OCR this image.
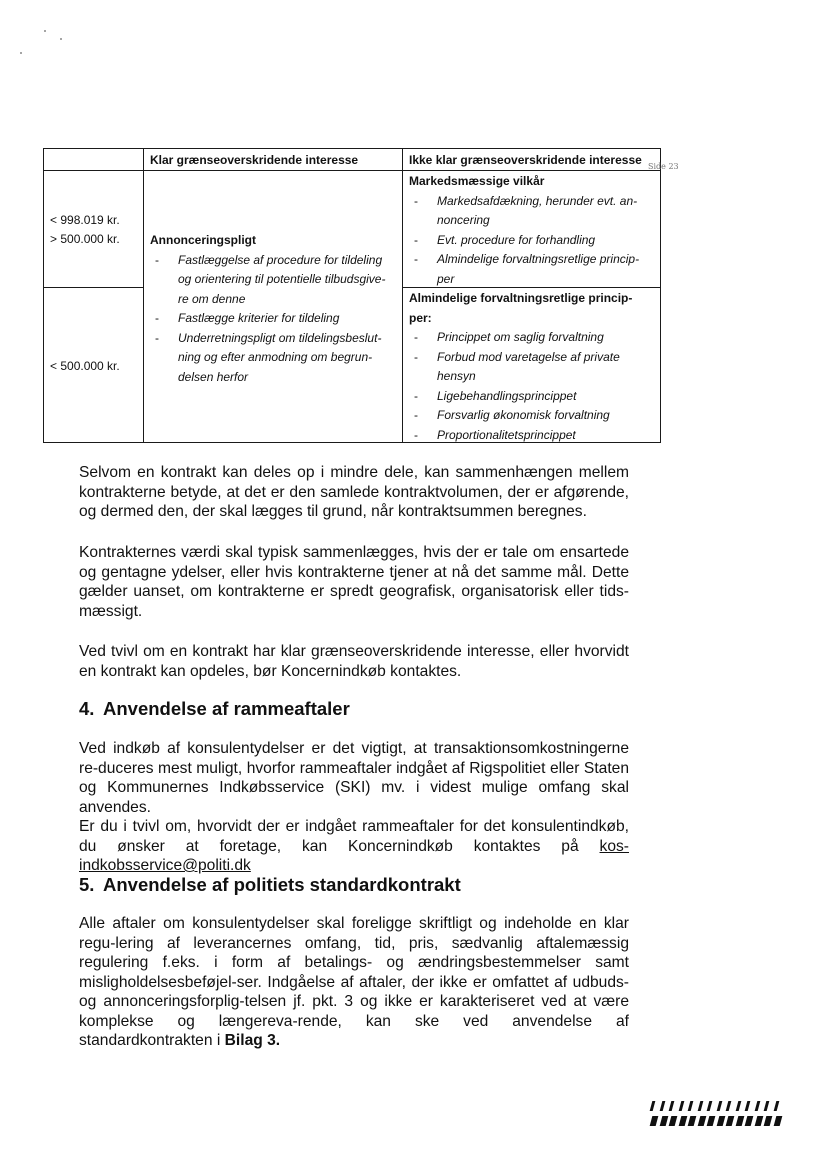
Klar grænseoverskridende interesse	Ikke klar grænseoverskridende interesse
< 998.019 kr.
> 500.000 kr.
< 500.000 kr.
Annonceringspligt
- Fastlæggelse af procedure for tildeling og orientering til potentielle tilbudsgive-re om denne
- Fastlægge kriterier for tildeling
- Underretningspligt om tildelingsbeslut-ning og efter anmodning om begrun-delsen herfor
Markedsmæssige vilkår
- Markedsafdækning, herunder evt. an-noncering
- Evt. procedure for forhandling
- Almindelige forvaltningsretlige princip-per
Almindelige forvaltningsretlige princip-per:
- Princippet om saglig forvaltning
- Forbud mod varetagelse af private hensyn
- Ligebehandlingsprincippet
- Forsvarlig økonomisk forvaltning
- Proportionalitetsprincippet
Side 23

Selvom en kontrakt kan deles op i mindre dele, kan sammenhængen mellem kontrakterne betyde, at det er den samlede kontraktvolumen, der er afgørende, og dermed den, der skal lægges til grund, når kontraktsummen beregnes.

Kontrakternes værdi skal typisk sammenlægges, hvis der er tale om ensartede og gentagne ydelser, eller hvis kontrakterne tjener at nå det samme mål. Dette gælder uanset, om kontrakterne er spredt geografisk, organisatorisk eller tids-mæssigt.

Ved tvivl om en kontrakt har klar grænseoverskridende interesse, eller hvorvidt en kontrakt kan opdeles, bør Koncernindkøb kontaktes.

4. Anvendelse af rammeaftaler

Ved indkøb af konsulentydelser er det vigtigt, at transaktionsomkostningerne re-duceres mest muligt, hvorfor rammeaftaler indgået af Rigspolitiet eller Staten og Kommunernes Indkøbsservice (SKI) mv. i videst mulige omfang skal anvendes.

Er du i tvivl om, hvorvidt der er indgået rammeaftaler for det konsulentindkøb, du ønsker at foretage, kan Koncernindkøb kontaktes på kos-indkobsservice@politi.dk

5. Anvendelse af politiets standardkontrakt

Alle aftaler om konsulentydelser skal foreligge skriftligt og indeholde en klar regu-lering af leverancernes omfang, tid, pris, sædvanlig aftalemæssig regulering f.eks. i form af betalings- og ændringsbestemmelser samt misligholdelsesbeføjel-ser. Indgåelse af aftaler, der ikke er omfattet af udbuds- og annonceringsforplig-telsen jf. pkt. 3 og ikke er karakteriseret ved at være komplekse og længereva-rende, kan ske ved anvendelse af standardkontrakten i Bilag 3.
